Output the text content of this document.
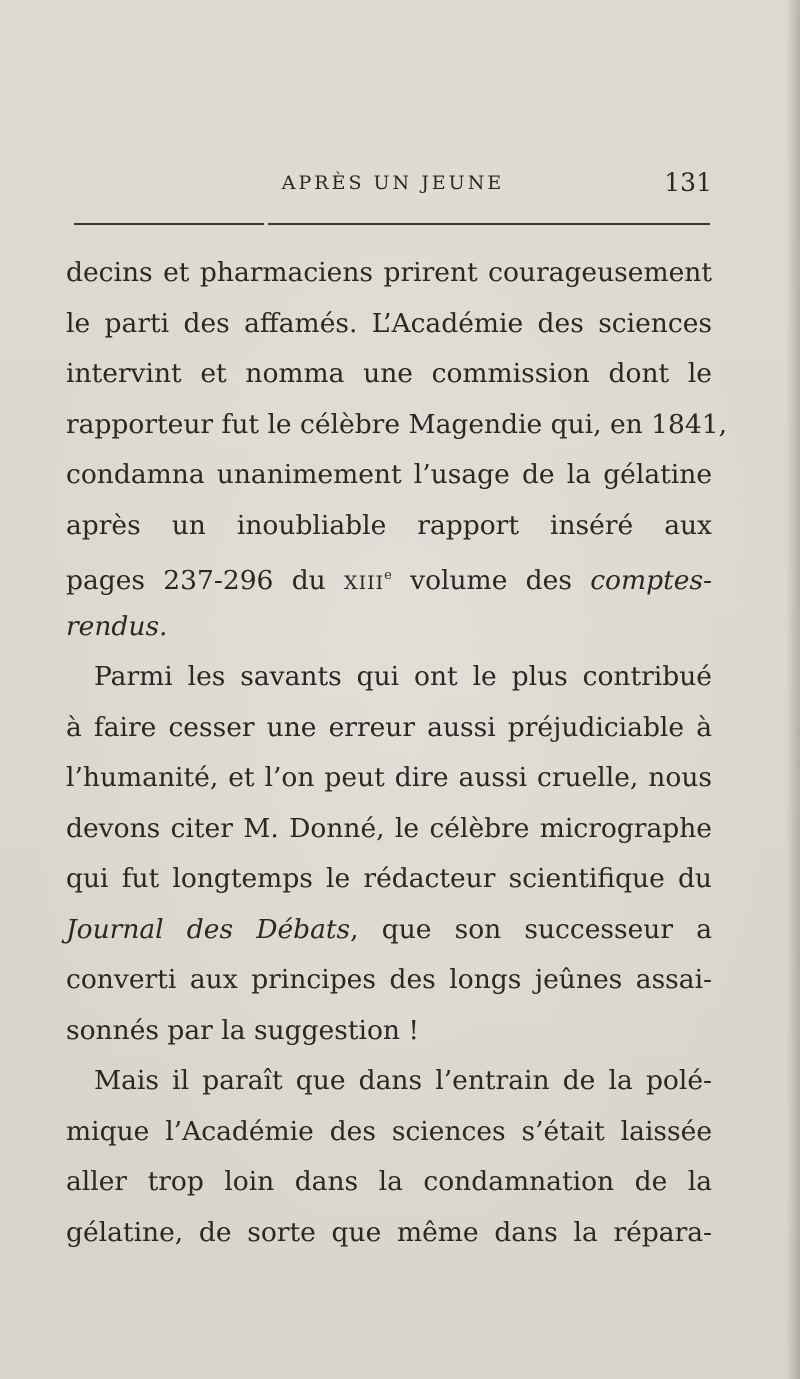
APRÈS UN JEUNE	131
decins et pharmaciens prirent courageusement
le parti des affamés. L’Académie des sciences
intervint et nomma une commission dont le
rapporteur fut le célèbre Magendie qui, en 1841,
condamna unanimement l’usage de la gélatine
après un inoubliable rapport inséré aux
pages 237-296 du XIIIe volume des comptes-
rendus.
Parmi les savants qui ont le plus contribué
à faire cesser une erreur aussi préjudiciable à
l’humanité, et l’on peut dire aussi cruelle, nous
devons citer M. Donné, le célèbre micrographe
qui fut longtemps le rédacteur scientifique du
Journal des Débats, que son successeur a
converti aux principes des longs jeûnes assai-
sonnés par la suggestion !
Mais il paraît que dans l’entrain de la polé-
mique l’Académie des sciences s’était laissée
aller trop loin dans la condamnation de la
gélatine, de sorte que même dans la répara-
